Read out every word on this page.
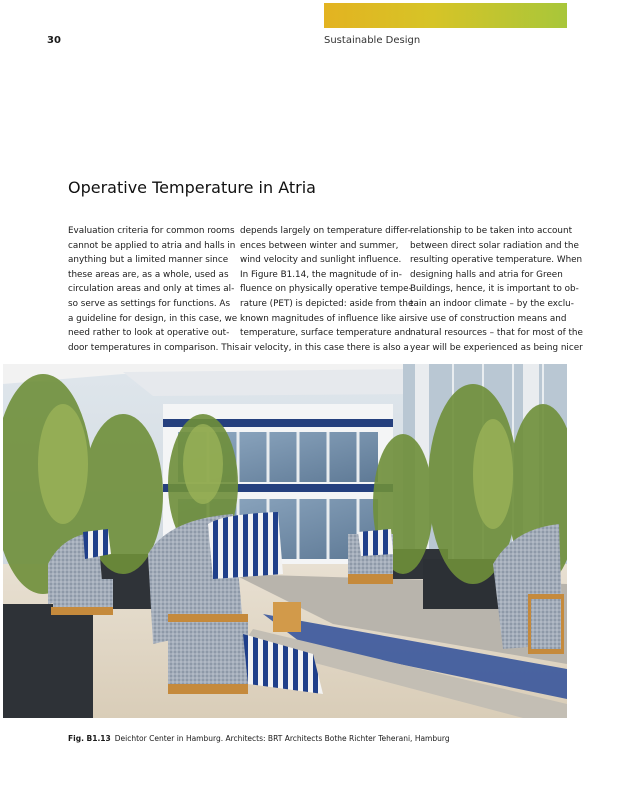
30	Sustainable Design
Operative Temperature in Atria
Evaluation criteria for common rooms
cannot be applied to atria and halls in
anything but a limited manner since
these areas are, as a whole, used as
circulation areas and only at times al-
so serve as settings for functions. As
a guideline for design, in this case, we
need rather to look at operative out-
door temperatures in comparison. This
depends largely on temperature differ-
ences between winter and summer,
wind velocity and sunlight influence.
In Figure B1.14, the magnitude of in-
fluence on physically operative tempe-
rature (PET) is depicted: aside from the
known magnitudes of influence like air
temperature, surface temperature and
air velocity, in this case there is also a
relationship to be taken into account
between direct solar radiation and the
resulting operative temperature. When
designing halls and atria for Green
Buildings, hence, it is important to ob-
tain an indoor climate – by the exclu-
sive use of construction means and
natural resources – that for most of the
year will be experienced as being nicer
Fig. B1.13 Deichtor Center in Hamburg. Architects: BRT Architects Bothe Richter Teherani, Hamburg
